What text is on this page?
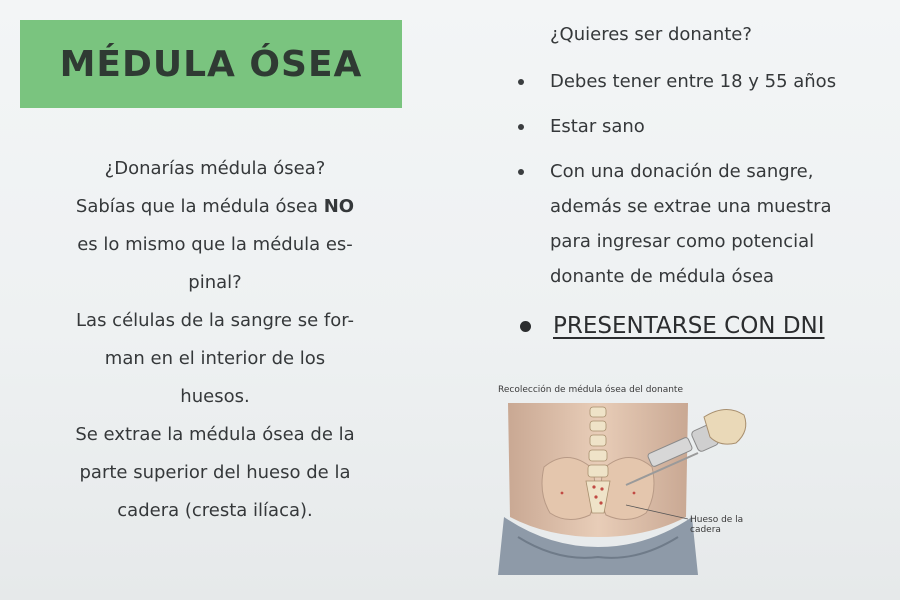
MÉDULA ÓSEA

¿Donarías médula ósea?

Sabías que la médula ósea NO
es lo mismo que la médula es-
pinal?

Las células de la sangre se for-
man en el interior de los
huesos.

Se extrae la médula ósea de la
parte superior del hueso de la
cadera (cresta ilíaca).

¿Quieres ser donante?
Debes tener entre 18 y 55 años
Estar sano
Con una donación de sangre,
además se extrae una muestra
para ingresar como potencial
donante de médula ósea
PRESENTARSE CON DNI
Recolección de médula ósea del donante
Hueso de la
cadera
